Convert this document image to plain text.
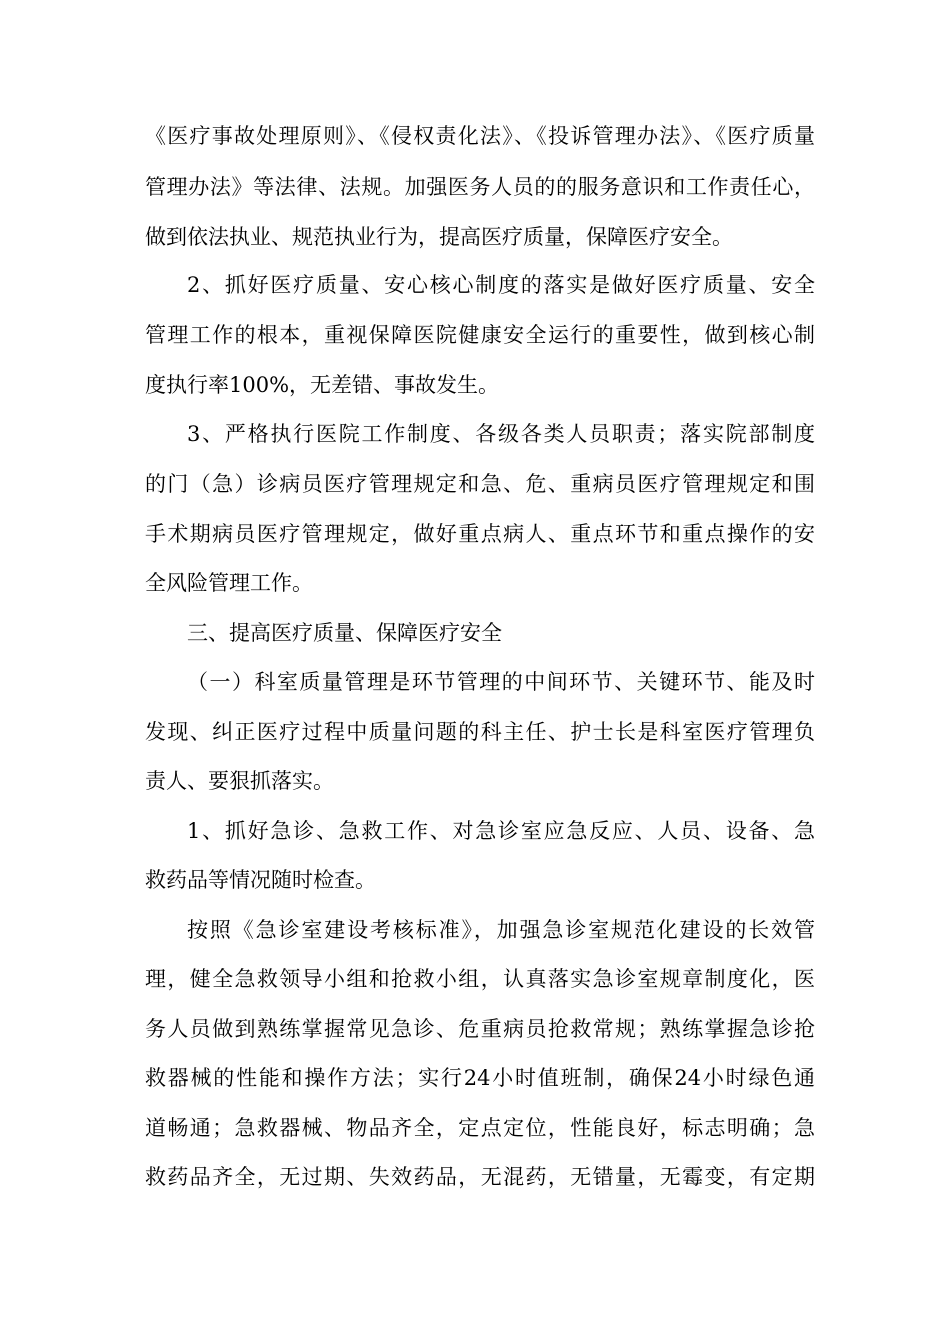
《医疗事故处理原则》、《侵权责化法》、《投诉管理办法》、《医疗质量
管理办法》等法律、法规。加强医务人员的的服务意识和工作责任心，
做到依法执业、规范执业行为，提高医疗质量，保障医疗安全。
2、抓好医疗质量、安心核心制度的落实是做好医疗质量、安全
管理工作的根本，重视保障医院健康安全运行的重要性，做到核心制
度执行率100%，无差错、事故发生。
3、严格执行医院工作制度、各级各类人员职责；落实院部制度
的门（急）诊病员医疗管理规定和急、危、重病员医疗管理规定和围
手术期病员医疗管理规定，做好重点病人、重点环节和重点操作的安
全风险管理工作。
三、提高医疗质量、保障医疗安全
（一）科室质量管理是环节管理的中间环节、关键环节、能及时
发现、纠正医疗过程中质量问题的科主任、护士长是科室医疗管理负
责人、要狠抓落实。
1、抓好急诊、急救工作、对急诊室应急反应、人员、设备、急
救药品等情况随时检查。
按照《急诊室建设考核标准》，加强急诊室规范化建设的长效管
理，健全急救领导小组和抢救小组，认真落实急诊室规章制度化，医
务人员做到熟练掌握常见急诊、危重病员抢救常规；熟练掌握急诊抢
救器械的性能和操作方法；实行24小时值班制，确保24小时绿色通
道畅通；急救器械、物品齐全，定点定位，性能良好，标志明确；急
救药品齐全，无过期、失效药品，无混药，无错量，无霉变，有定期
